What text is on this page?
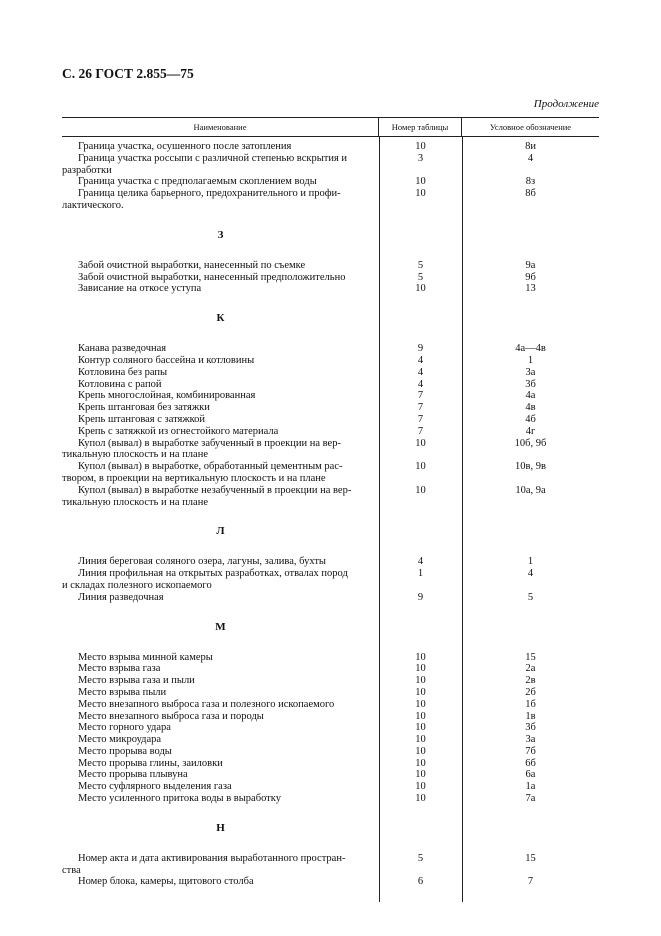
С. 26 ГОСТ 2.855—75
Продолжение
Наименование	Номер таблицы	Условное обозначение
Граница участка, осушенного после затопления	10	8и
Граница участка россыпи с различной степенью вскрытия и
разработки
3	4
Граница участка с предполагаемым скоплением воды	10	8з
Граница целика барьерного, предохранительного и профи-
лактического.
10	8б
З
Забой очистной выработки, нанесенный по съемке	5	9а
Забой очистной выработки, нанесенный предположительно	5	9б
Зависание на откосе уступа	10	13
К
Канава разведочная	9	4а—4в
Контур соляного бассейна и котловины	4	1
Котловина без рапы	4	3а
Котловина с рапой	4	3б
Крепь многослойная, комбинированная	7	4а
Крепь штанговая без затяжки	7	4в
Крепь штанговая с затяжкой	7	4б
Крепь с затяжкой из огнестойкого материала	7	4г
Купол (вывал) в выработке забученный в проекции на вер-
тикальную плоскость и на плане
10	10б, 9б
Купол (вывал) в выработке, обработанный цементным рас-
твором, в проекции на вертикальную плоскость и на плане
10	10в, 9в
Купол (вывал) в выработке незабученный в проекции на вер-
тикальную плоскость и на плане
10	10а, 9а
Л
Линия береговая соляного озера, лагуны, залива, бухты	4	1
Линия профильная на открытых разработках, отвалах пород
и складах полезного ископаемого
1	4
Линия разведочная	9	5
М
Место взрыва минной камеры	10	15
Место взрыва газа	10	2а
Место взрыва газа и пыли	10	2в
Место взрыва пыли	10	2б
Место внезапного выброса газа и полезного ископаемого	10	1б
Место внезапного выброса газа и породы	10	1в
Место горного удара	10	3б
Место микроудара	10	3а
Место прорыва воды	10	7б
Место прорыва глины, заиловки	10	6б
Место прорыва плывуна	10	6а
Место суфлярного выделения газа	10	1а
Место усиленного притока воды в выработку	10	7а
Н
Номер акта и дата активирования выработанного простран-
ства
5	15
Номер блока, камеры, щитового столба	6	7
